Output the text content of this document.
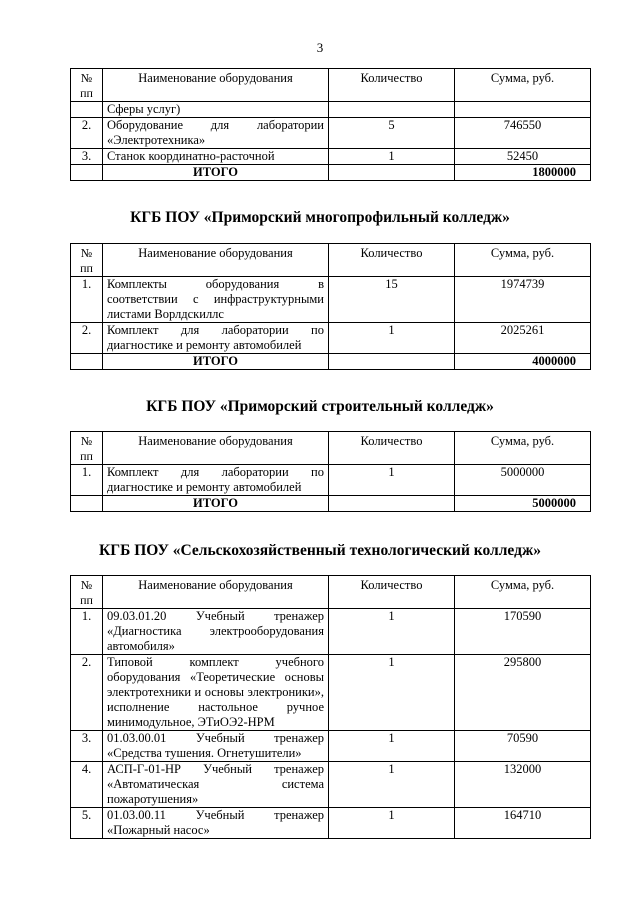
3
№ пп	Наименование оборудования	Количество	Сумма, руб.
	Сферы услуг)		
2.	Оборудование для лаборатории «Электротехника»	5	746550
3.	Станок координатно-расточной	1	52450
	ИТОГО		1800000
КГБ ПОУ «Приморский многопрофильный колледж»
№ пп	Наименование оборудования	Количество	Сумма, руб.
1.	Комплекты оборудования в соответствии с инфраструктурными листами Ворлдскиллс	15	1974739
2.	Комплект для лаборатории по диагностике и ремонту автомобилей	1	2025261
	ИТОГО		4000000
КГБ ПОУ «Приморский строительный колледж»
№ пп	Наименование оборудования	Количество	Сумма, руб.
1.	Комплект для лаборатории по диагностике и ремонту автомобилей	1	5000000
	ИТОГО		5000000
КГБ ПОУ «Сельскохозяйственный технологический колледж»
№ пп	Наименование оборудования	Количество	Сумма, руб.
1.	09.03.01.20 Учебный тренажер «Диагностика электрооборудования автомобиля»	1	170590
2.	Типовой комплект учебного оборудования «Теоретические основы электротехники и основы электроники», исполнение настольное ручное минимодульное, ЭТиОЭ2-НРМ	1	295800
3.	01.03.00.01 Учебный тренажер «Средства тушения. Огнетушители»	1	70590
4.	АСП-Г-01-НР Учебный тренажер «Автоматическая система пожаротушения»	1	132000
5.	01.03.00.11 Учебный тренажер «Пожарный насос»	1	164710
